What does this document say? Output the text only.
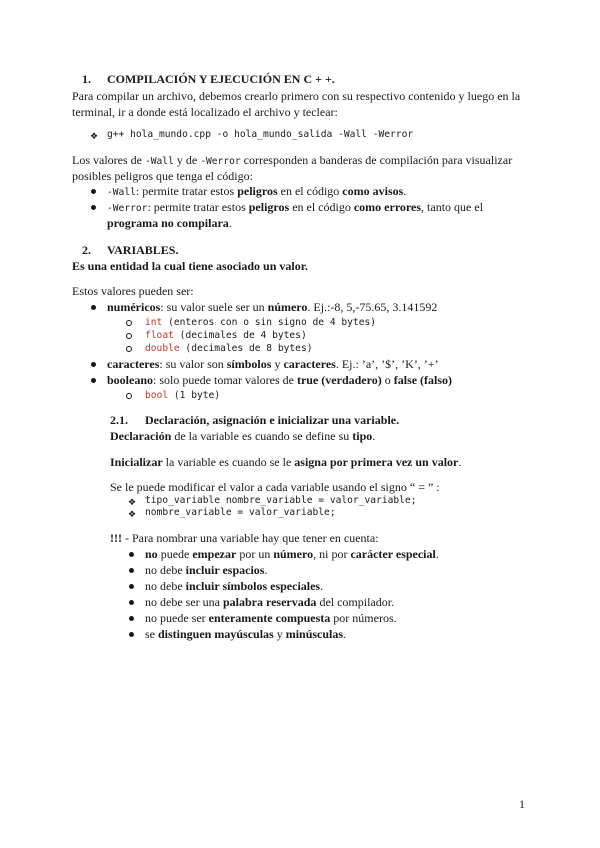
1. COMPILACIÓN Y EJECUCIÓN EN C + +.
Para compilar un archivo, debemos crearlo primero con su respectivo contenido y luego en la
terminal, ir a donde está localizado el archivo y teclear:
❖ g++ hola_mundo.cpp -o hola_mundo_salida -Wall -Werror
Los valores de -Wall y de -Werror corresponden a banderas de compilación para visualizar
posibles peligros que tenga el código:
-Wall: permite tratar estos peligros en el código como avisos.
-Werror: permite tratar estos peligros en el código como errores, tanto que el
programa no compilara.
2. VARIABLES.
Es una entidad la cual tiene asociado un valor.
Estos valores pueden ser:
numéricos: su valor suele ser un número. Ej.:-8, 5,-75.65, 3.141592
int (enteros con o sin signo de 4 bytes)
float (decimales de 4 bytes)
double (decimales de 8 bytes)
caracteres: su valor son símbolos y caracteres. Ej.: ’a’, ’$’, ’K’, ’+’
booleano: solo puede tomar valores de true (verdadero) o false (falso)
bool (1 byte)
2.1. Declaración, asignación e inicializar una variable.
Declaración de la variable es cuando se define su tipo.
Inicializar la variable es cuando se le asigna por primera vez un valor.
Se le puede modificar el valor a cada variable usando el signo “ = ” :
❖ tipo_variable nombre_variable = valor_variable;
❖ nombre_variable = valor_variable;
!!! - Para nombrar una variable hay que tener en cuenta:
no puede empezar por un número, ni por carácter especial.
no debe incluir espacios.
no debe incluir símbolos especiales.
no debe ser una palabra reservada del compilador.
no puede ser enteramente compuesta por números.
se distinguen mayúsculas y minúsculas.
1
